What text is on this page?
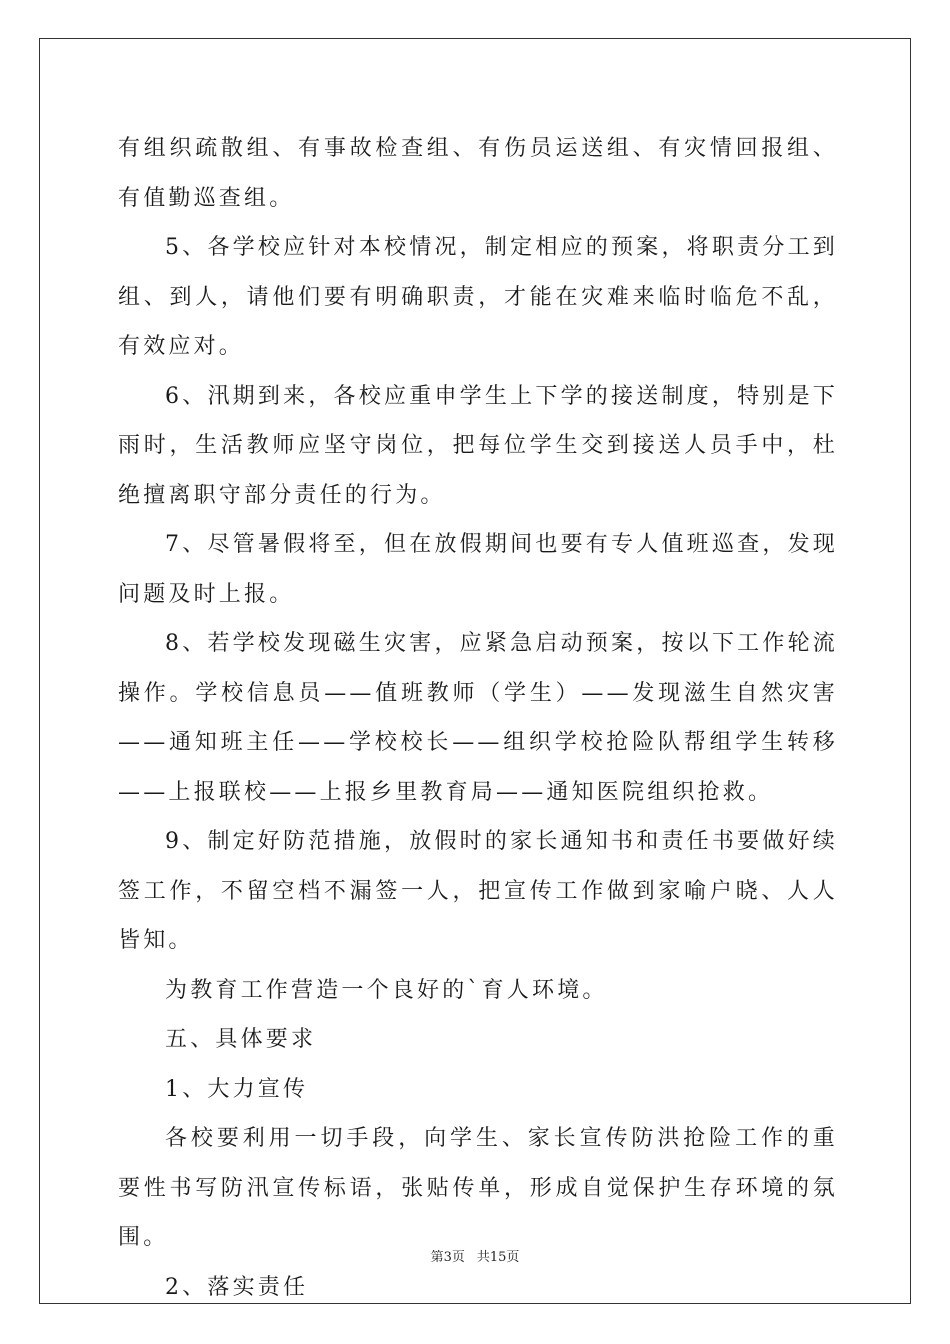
有组织疏散组、有事故检查组、有伤员运送组、有灾情回报组、有值勤巡查组。

5、各学校应针对本校情况，制定相应的预案，将职责分工到组、到人，请他们要有明确职责，才能在灾难来临时临危不乱，有效应对。

6、汛期到来，各校应重申学生上下学的接送制度，特别是下雨时，生活教师应坚守岗位，把每位学生交到接送人员手中，杜绝擅离职守部分责任的行为。

7、尽管暑假将至，但在放假期间也要有专人值班巡查，发现问题及时上报。

8、若学校发现磁生灾害，应紧急启动预案，按以下工作轮流操作。学校信息员——值班教师（学生）——发现滋生自然灾害——通知班主任——学校校长——组织学校抢险队帮组学生转移——上报联校——上报乡里教育局——通知医院组织抢救。

9、制定好防范措施，放假时的家长通知书和责任书要做好续签工作，不留空档不漏签一人，把宣传工作做到家喻户晓、人人皆知。

为教育工作营造一个良好的`育人环境。

五、具体要求

1、大力宣传

各校要利用一切手段，向学生、家长宣传防洪抢险工作的重要性书写防汛宣传标语，张贴传单，形成自觉保护生存环境的氛围。

2、落实责任

第3页 共15页
